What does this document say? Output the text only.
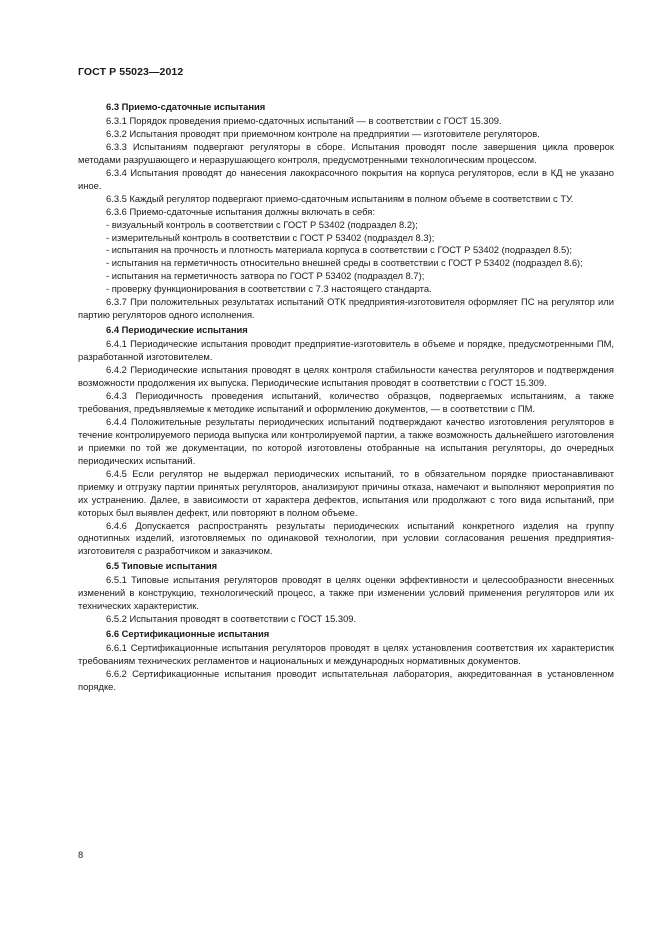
ГОСТ Р 55023—2012

6.3 Приемо-сдаточные испытания

6.3.1 Порядок проведения приемо-сдаточных испытаний — в соответствии с ГОСТ 15.309.

6.3.2 Испытания проводят при приемочном контроле на предприятии — изготовителе регуляторов.

6.3.3 Испытаниям подвергают регуляторы в сборе. Испытания проводят после завершения цикла проверок методами разрушающего и неразрушающего контроля, предусмотренными технологическим процессом.

6.3.4 Испытания проводят до нанесения лакокрасочного покрытия на корпуса регуляторов, если в КД не указано иное.

6.3.5 Каждый регулятор подвергают приемо-сдаточным испытаниям в полном объеме в соответствии с ТУ.

6.3.6 Приемо-сдаточные испытания должны включать в себя:

- визуальный контроль в соответствии с ГОСТ Р 53402 (подраздел 8.2);

- измерительный контроль в соответствии с ГОСТ Р 53402 (подраздел 8.3);

- испытания на прочность и плотность материала корпуса в соответствии с ГОСТ Р 53402 (подраздел 8.5);

- испытания на герметичность относительно внешней среды в соответствии с ГОСТ Р 53402 (подраздел 8.6);

- испытания на герметичность затвора по ГОСТ Р 53402 (подраздел 8.7);

- проверку функционирования в соответствии с 7.3 настоящего стандарта.

6.3.7 При положительных результатах испытаний ОТК предприятия-изготовителя оформляет ПС на регулятор или партию регуляторов одного исполнения.

6.4 Периодические испытания

6.4.1 Периодические испытания проводит предприятие-изготовитель в объеме и порядке, предусмотренными ПМ, разработанной изготовителем.

6.4.2 Периодические испытания проводят в целях контроля стабильности качества регуляторов и подтверждения возможности продолжения их выпуска. Периодические испытания проводят в соответствии с ГОСТ 15.309.

6.4.3 Периодичность проведения испытаний, количество образцов, подвергаемых испытаниям, а также требования, предъявляемые к методике испытаний и оформлению документов, — в соответствии с ПМ.

6.4.4 Положительные результаты периодических испытаний подтверждают качество изготовления регуляторов в течение контролируемого периода выпуска или контролируемой партии, а также возможность дальнейшего изготовления и приемки по той же документации, по которой изготовлены отобранные на испытания регуляторы, до очередных периодических испытаний.

6.4.5 Если регулятор не выдержал периодических испытаний, то в обязательном порядке приостанавливают приемку и отгрузку партии принятых регуляторов, анализируют причины отказа, намечают и выполняют мероприятия по их устранению. Далее, в зависимости от характера дефектов, испытания или продолжают с того вида испытаний, при которых был выявлен дефект, или повторяют в полном объеме.

6.4.6 Допускается распространять результаты периодических испытаний конкретного изделия на группу однотипных изделий, изготовляемых по одинаковой технологии, при условии согласования решения предприятия-изготовителя с разработчиком и заказчиком.

6.5 Типовые испытания

6.5.1 Типовые испытания регуляторов проводят в целях оценки эффективности и целесообразности внесенных изменений в конструкцию, технологический процесс, а также при изменении условий применения регуляторов или их технических характеристик.

6.5.2 Испытания проводят в соответствии с ГОСТ 15.309.

6.6 Сертификационные испытания

6.6.1 Сертификационные испытания регуляторов проводят в целях установления соответствия их характеристик требованиям технических регламентов и национальных и международных нормативных документов.

6.6.2 Сертификационные испытания проводит испытательная лаборатория, аккредитованная в установленном порядке.

8
